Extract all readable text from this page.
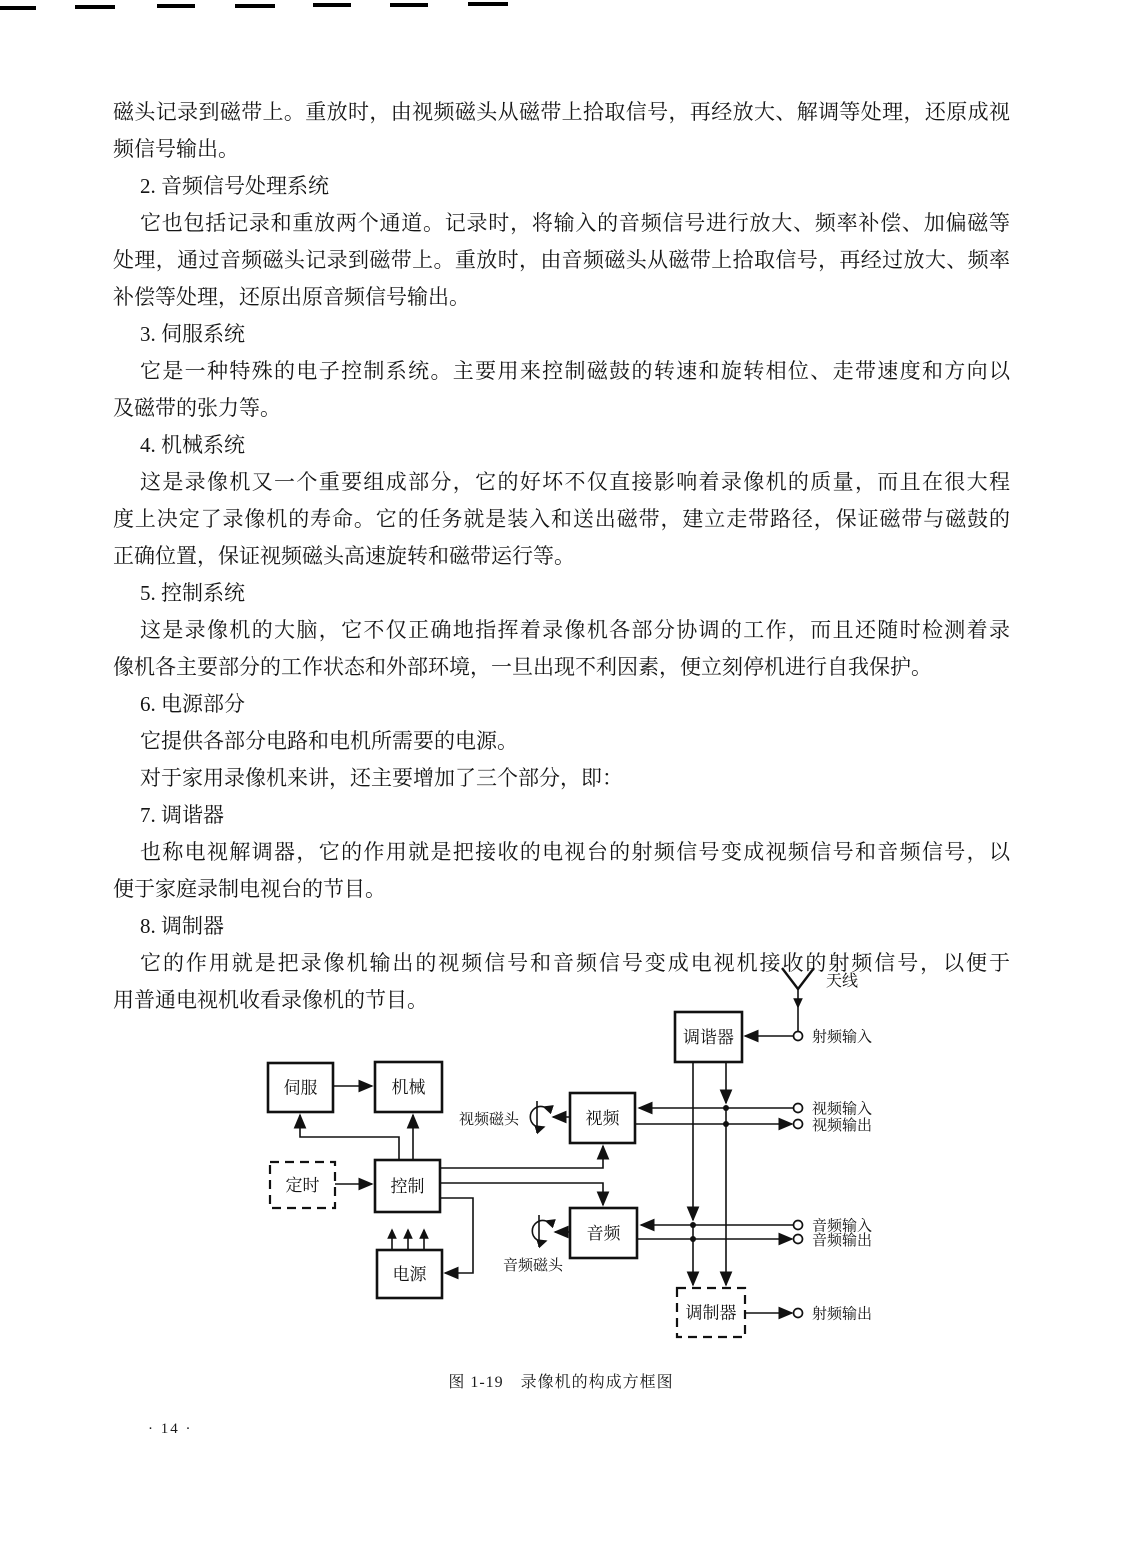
磁头记录到磁带上。重放时，由视频磁头从磁带上拾取信号，再经放大、解调等处理，还原成视
频信号输出。
2. 音频信号处理系统
它也包括记录和重放两个通道。记录时，将输入的音频信号进行放大、频率补偿、加偏磁等
处理，通过音频磁头记录到磁带上。重放时，由音频磁头从磁带上拾取信号，再经过放大、频率
补偿等处理，还原出原音频信号输出。
3. 伺服系统
它是一种特殊的电子控制系统。主要用来控制磁鼓的转速和旋转相位、走带速度和方向以
及磁带的张力等。
4. 机械系统
这是录像机又一个重要组成部分，它的好坏不仅直接影响着录像机的质量，而且在很大程
度上决定了录像机的寿命。它的任务就是装入和送出磁带，建立走带路径，保证磁带与磁鼓的
正确位置，保证视频磁头高速旋转和磁带运行等。
5. 控制系统
这是录像机的大脑，它不仅正确地指挥着录像机各部分协调的工作，而且还随时检测着录
像机各主要部分的工作状态和外部环境，一旦出现不利因素，便立刻停机进行自我保护。
6. 电源部分
它提供各部分电路和电机所需要的电源。
对于家用录像机来讲，还主要增加了三个部分，即：
7. 调谐器
也称电视解调器，它的作用就是把接收的电视台的射频信号变成视频信号和音频信号，以
便于家庭录制电视台的节目。
8. 调制器
它的作用就是把录像机输出的视频信号和音频信号变成电视机接收的射频信号，以便于
用普通电视机收看录像机的节目。
调谐器
伺服	机械
视频
定时	控制
音频
电源
调制器
天线
射频输入
视频输入
视频输出
音频输入
音频输出
射频输出
视频磁头
音频磁头
图 1-19　录像机的构成方框图
· 14 ·
